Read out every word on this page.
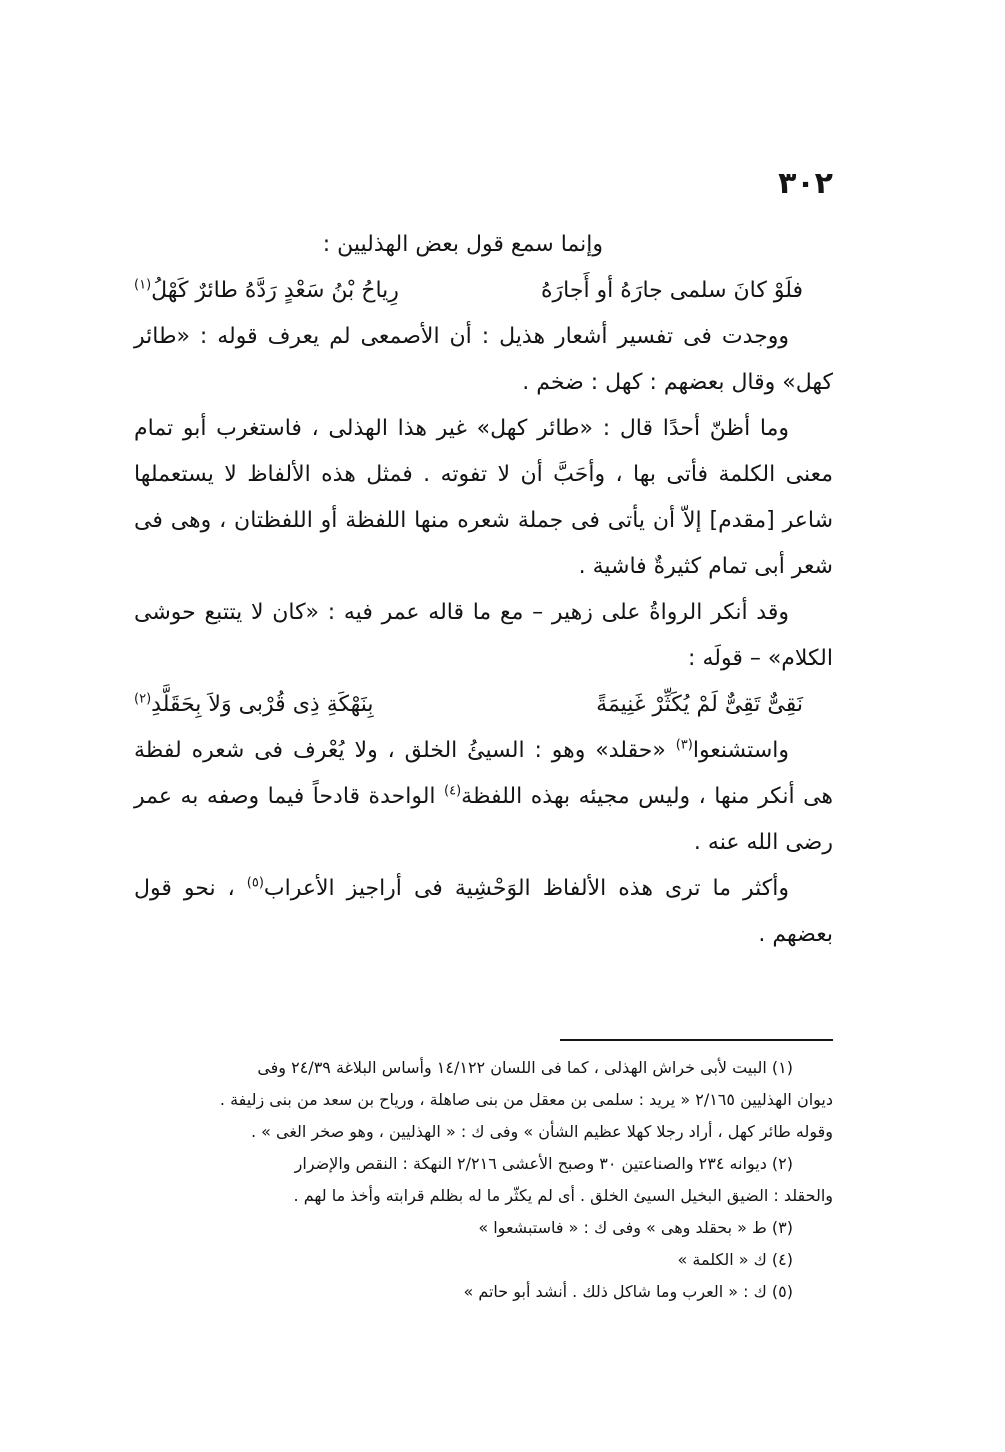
٣٠٢

وإنما سمع قول بعض الهذليين :

فلَوْ كانَ سلمى جارَهُ أو أَجارَهُ
رِياحُ بْنُ سَعْدٍ رَدَّهُ طائرٌ كَهْلُ$^{(١)}$

ووجدت فى تفسير أشعار هذيل : أن الأصمعى لم يعرف قوله : «طائر كهل» وقال بعضهم : كهل : ضخم .

وما أظنّ أحدًا قال : «طائر كهل» غير هذا الهذلى ، فاستغرب أبو تمام معنى الكلمة فأتى بها ، وأحَبَّ أن لا تفوته . فمثل هذه الألفاظ لا يستعملها شاعر [مقدم] إلاّ أن يأتى فى جملة شعره منها اللفظة أو اللفظتان ، وهى فى شعر أبى تمام كثيرةٌ فاشية .

وقد أنكر الرواةُ على زهير – مع ما قاله عمر فيه : «كان لا يتتبع حوشى الكلام» – قولَه :

نَقِىٌّ تَقِىٌّ لَمْ يُكَثِّرْ غَنِيمَةً
بِنَهْكَةِ ذِى قُرْبى وَلاَ بِحَقَلَّدِ$^{(٢)}$

واستشنعوا$^{(٣)}$ «حقلد» وهو : السيئُ الخلق ، ولا يُعْرف فى شعره لفظة هى أنكر منها ، وليس مجيئه بهذه اللفظة$^{(٤)}$ الواحدة قادحاً فيما وصفه به عمر رضى الله عنه .

وأكثر ما ترى هذه الألفاظ الوَحْشِية فى أراجيز الأعراب$^{(٥)}$ ، نحو قول بعضهم .

(١) البيت لأبى خراش الهذلى ، كما فى اللسان ١٤/١٢٢ وأساس البلاغة ٢٤/٣٩ وفى

ديوان الهذليين ٢/١٦٥ « يريد : سلمى بن معقل من بنى صاهلة ، ورياح بن سعد من بنى زليفة .

وقوله طائر كهل ، أراد رجلا كهلا عظيم الشأن » وفى ك : « الهذليين ، وهو صخر الغى » .

(٢) ديوانه ٢٣٤ والصناعتين ٣٠ وصبح الأعشى ٢/٢١٦ النهكة : النقص والإضرار

والحقلد : الضيق البخيل السيئ الخلق . أى لم يكثّر ما له بظلم قرابته وأخذ ما لهم .

(٣) ط « بحقلد وهى » وفى ك : « فاستبشعوا »

(٤) ك « الكلمة »

(٥) ك : « العرب وما شاكل ذلك . أنشد أبو حاتم »
